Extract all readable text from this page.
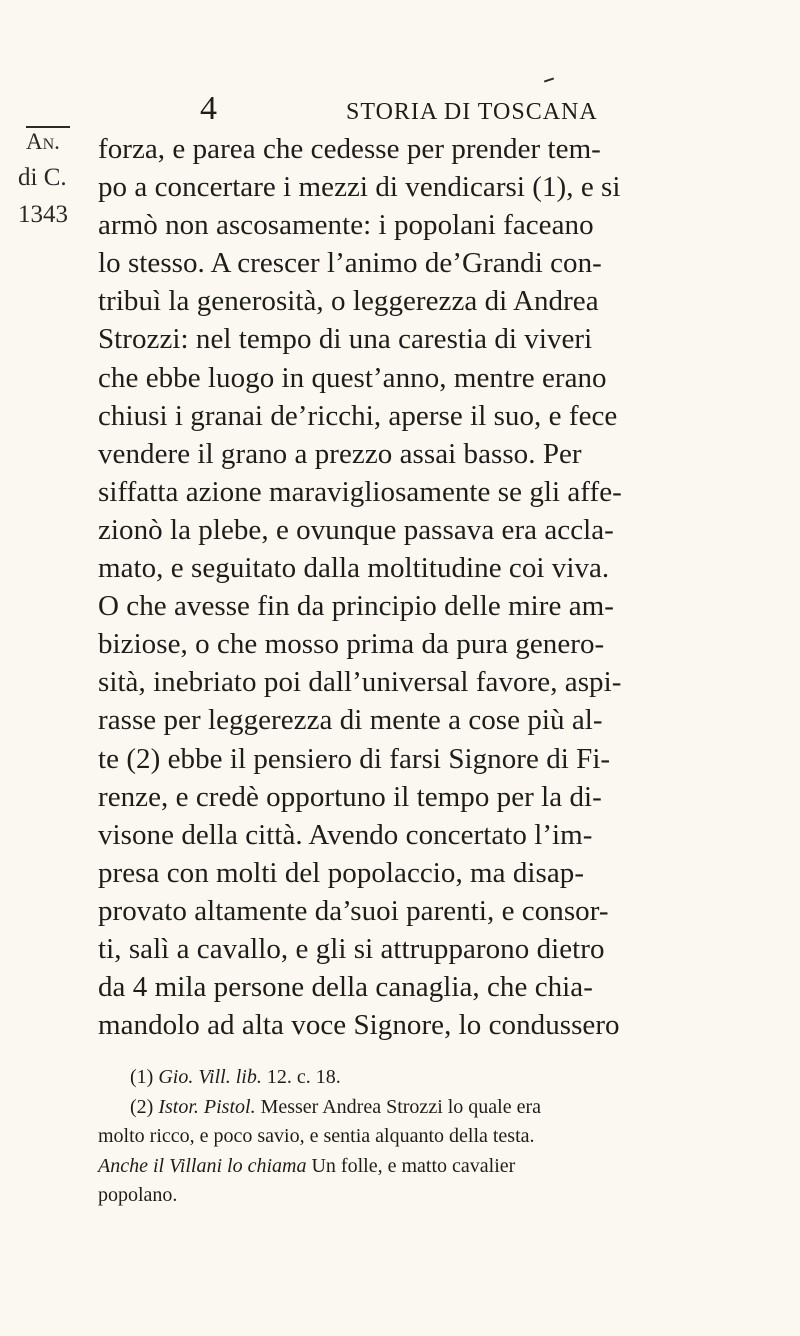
4	STORIA DI TOSCANA
An.
di C.
1343
forza, e parea che cedesse per prender tem-
po a concertare i mezzi di vendicarsi (1), e si
armò non ascosamente: i popolani faceano
lo stesso. A crescer l’animo de’Grandi con-
tribuì la generosità, o leggerezza di Andrea
Strozzi: nel tempo di una carestia di viveri
che ebbe luogo in quest’anno, mentre erano
chiusi i granai de’ricchi, aperse il suo, e fece
vendere il grano a prezzo assai basso. Per
siffatta azione maravigliosamente se gli affe-
zionò la plebe, e ovunque passava era accla-
mato, e seguitato dalla moltitudine coi viva.
O che avesse fin da principio delle mire am-
biziose, o che mosso prima da pura genero-
sità, inebriato poi dall’universal favore, aspi-
rasse per leggerezza di mente a cose più al-
te (2) ebbe il pensiero di farsi Signore di Fi-
renze, e credè opportuno il tempo per la di-
visone della città. Avendo concertato l’im-
presa con molti del popolaccio, ma disap-
provato altamente da’suoi parenti, e consor-
ti, salì a cavallo, e gli si attrupparono dietro
da 4 mila persone della canaglia, che chia-
mandolo ad alta voce Signore, lo condussero
(1) Gio. Vill. lib. 12. c. 18.
(2) Istor. Pistol. Messer Andrea Strozzi lo quale era
molto ricco, e poco savio, e sentia alquanto della testa.
Anche il Villani lo chiama Un folle, e matto cavalier
popolano.
